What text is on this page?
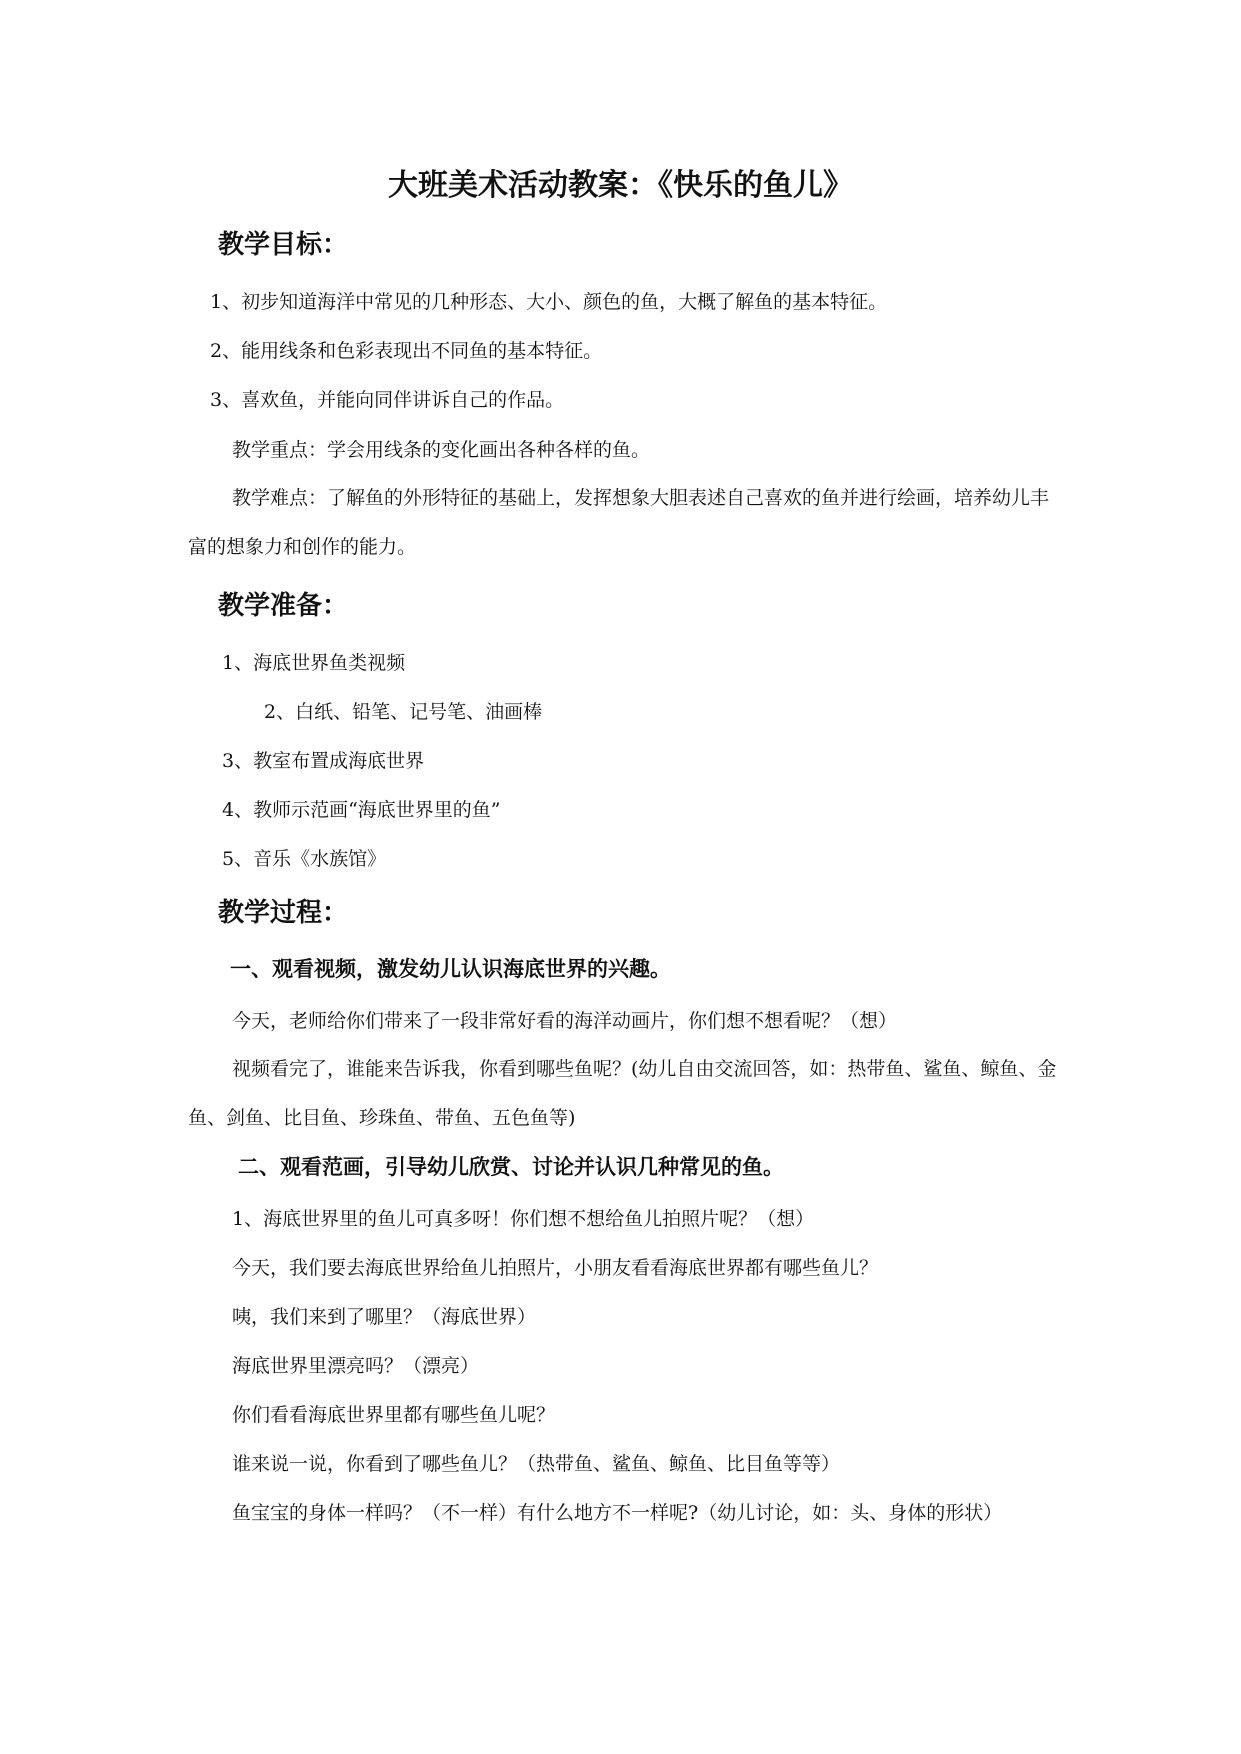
大班美术活动教案：《快乐的鱼儿》
教学目标：
1、初步知道海洋中常见的几种形态、大小、颜色的鱼，大概了解鱼的基本特征。
2、能用线条和色彩表现出不同鱼的基本特征。
3、喜欢鱼，并能向同伴讲诉自己的作品。
教学重点：学会用线条的变化画出各种各样的鱼。

教学难点：了解鱼的外形特征的基础上，发挥想象大胆表述自己喜欢的鱼并进行绘画，培养幼儿丰富的想象力和创作的能力。

教学准备：
1、海底世界鱼类视频
2、白纸、铅笔、记号笔、油画棒
3、教室布置成海底世界
4、教师示范画“海底世界里的鱼”
5、音乐《水族馆》
教学过程：
一、观看视频，激发幼儿认识海底世界的兴趣。
今天，老师给你们带来了一段非常好看的海洋动画片，你们想不想看呢？（想）

视频看完了，谁能来告诉我，你看到哪些鱼呢？(幼儿自由交流回答，如：热带鱼、鲨鱼、鲸鱼、金鱼、剑鱼、比目鱼、珍珠鱼、带鱼、五色鱼等)

二、观看范画，引导幼儿欣赏、讨论并认识几种常见的鱼。
1、海底世界里的鱼儿可真多呀！你们想不想给鱼儿拍照片呢？（想）
今天，我们要去海底世界给鱼儿拍照片，小朋友看看海底世界都有哪些鱼儿？
咦，我们来到了哪里？（海底世界）
海底世界里漂亮吗？（漂亮）
你们看看海底世界里都有哪些鱼儿呢？
谁来说一说，你看到了哪些鱼儿？（热带鱼、鲨鱼、鲸鱼、比目鱼等等）

鱼宝宝的身体一样吗？（不一样）有什么地方不一样呢?（幼儿讨论，如：头、身体的形状）
